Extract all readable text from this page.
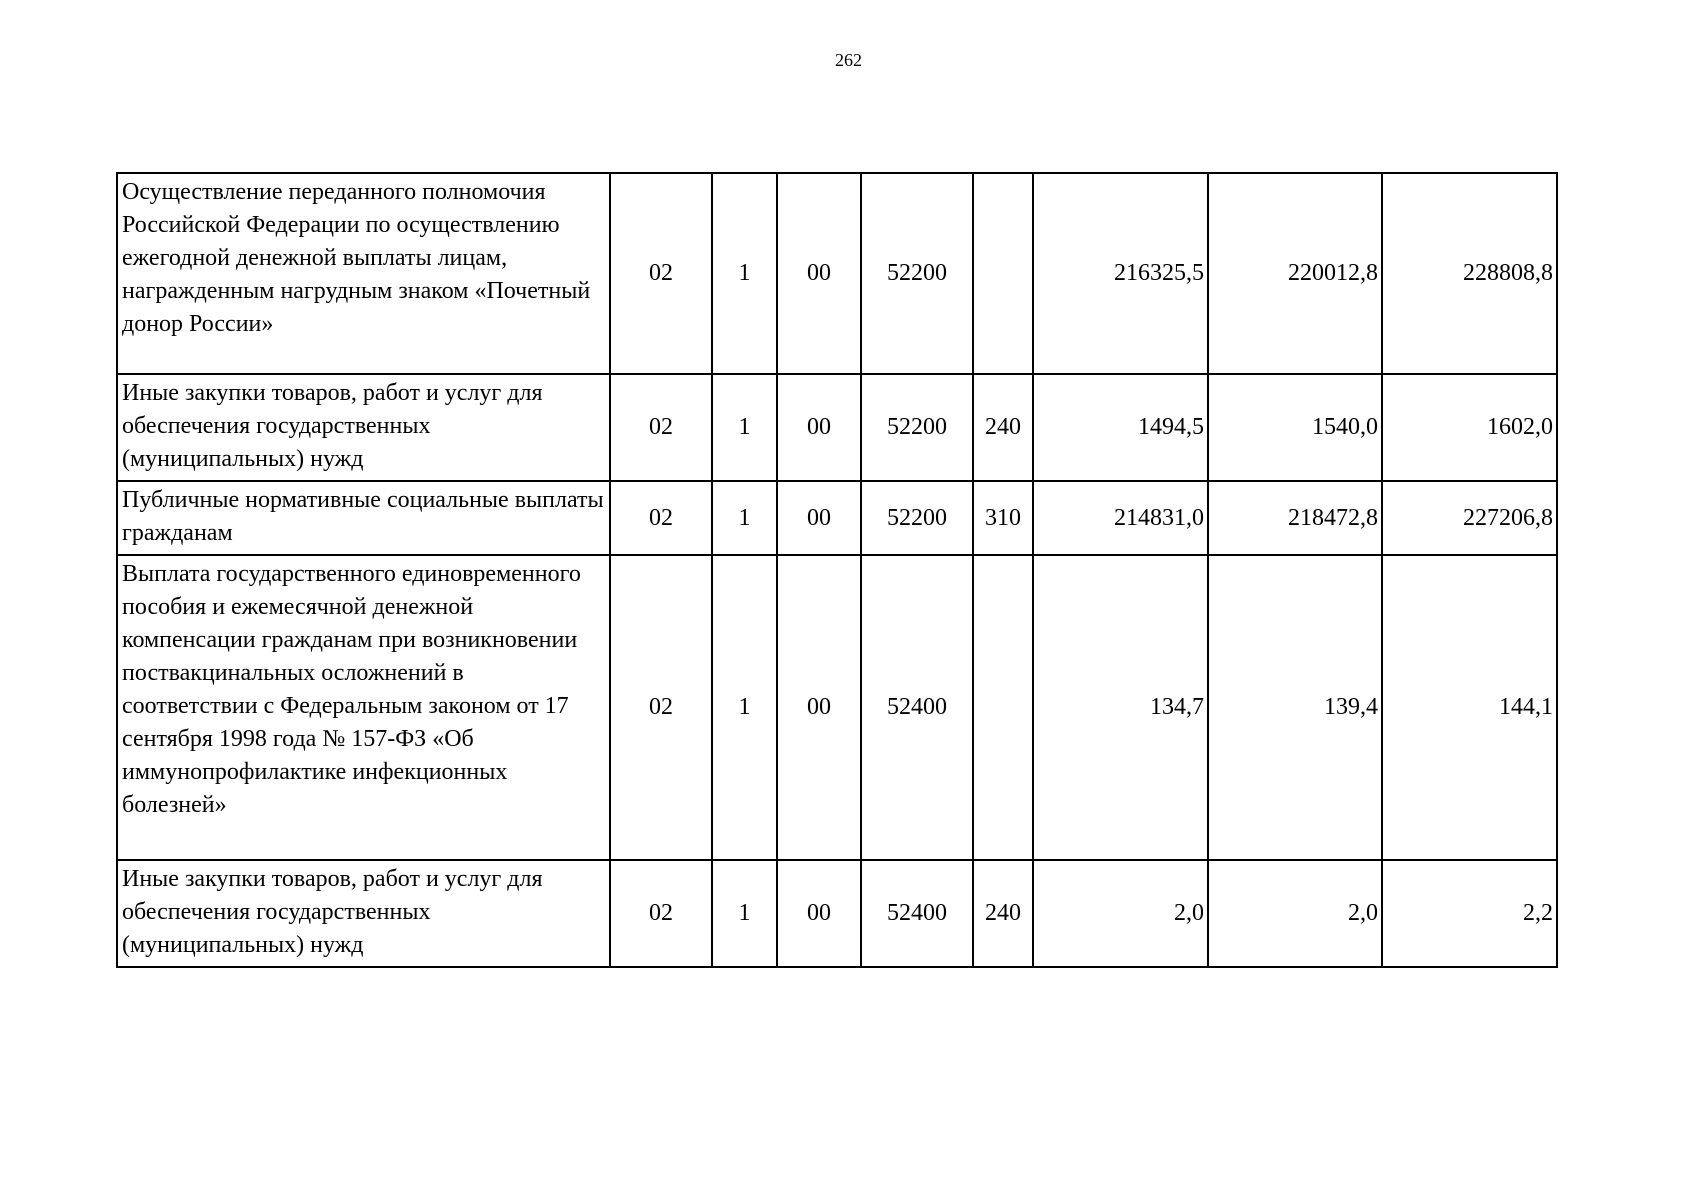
262
Осуществление переданного полномочия Российской Федерации по осуществлению ежегодной денежной выплаты лицам, награжденным нагрудным знаком «Почетный донор России»	02	1	00	52200		216325,5	220012,8	228808,8
Иные закупки товаров, работ и услуг для обеспечения государственных (муниципальных) нужд	02	1	00	52200	240	1494,5	1540,0	1602,0
Публичные нормативные социальные выплаты гражданам	02	1	00	52200	310	214831,0	218472,8	227206,8
Выплата государственного единовременного пособия и ежемесячной денежной компенсации гражданам при возникновении поствакцинальных осложнений в соответствии с Федеральным законом от 17 сентября 1998 года № 157-ФЗ «Об иммунопрофилактике инфекционных болезней»	02	1	00	52400		134,7	139,4	144,1
Иные закупки товаров, работ и услуг для обеспечения государственных (муниципальных) нужд	02	1	00	52400	240	2,0	2,0	2,2
